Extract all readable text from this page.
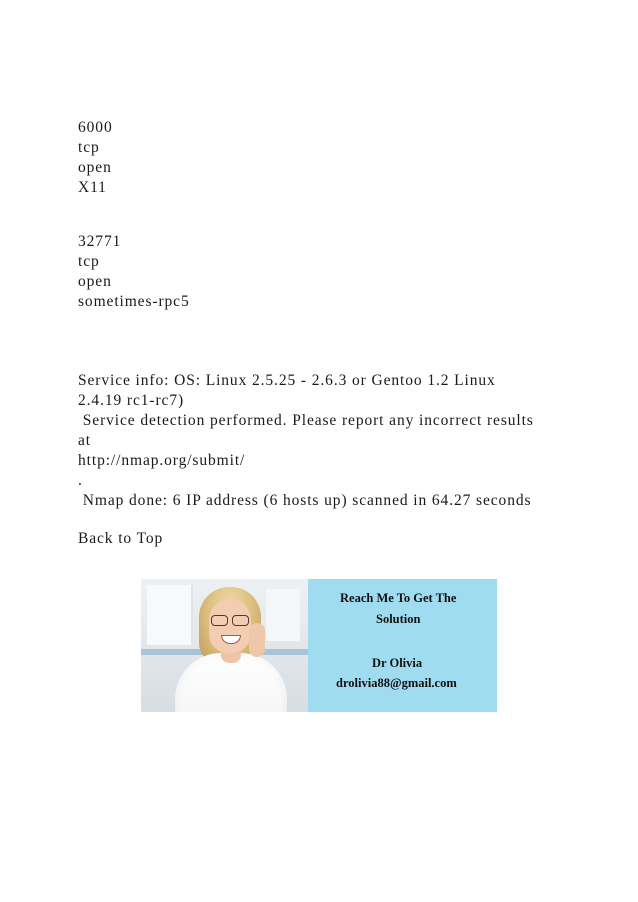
6000

tcp

open

X11

32771

tcp

open

sometimes-rpc5

Service info: OS: Linux 2.5.25 - 2.6.3 or Gentoo 1.2 Linux

2.4.19 rc1-rc7)

Service detection performed. Please report any incorrect results

at

http://nmap.org/submit/

.

Nmap done: 6 IP address (6 hosts up) scanned in 64.27 seconds

Back to Top

Reach Me To Get The
Solution
Dr Olivia
drolivia88@gmail.com
